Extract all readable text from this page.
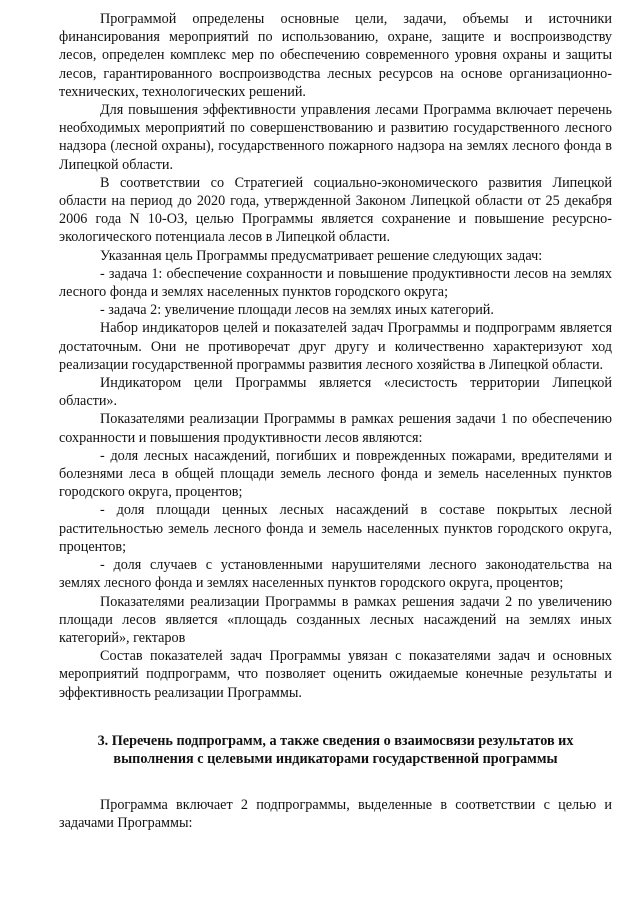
Программой определены основные цели, задачи, объемы и источники финансирования мероприятий по использованию, охране, защите и воспроизводству лесов, определен комплекс мер по обеспечению современного уровня охраны и защиты лесов, гарантированного воспроизводства лесных ресурсов на основе организационно-технических, технологических решений.

Для повышения эффективности управления лесами Программа включает перечень необходимых мероприятий по совершенствованию и развитию государственного лесного надзора (лесной охраны), государственного пожарного надзора на землях лесного фонда в Липецкой области.

В соответствии со Стратегией социально-экономического развития Липецкой области на период до 2020 года, утвержденной Законом Липецкой области от 25 декабря 2006 года N 10-ОЗ, целью Программы является сохранение и повышение ресурсно-экологического потенциала лесов в Липецкой области.

Указанная цель Программы предусматривает решение следующих задач:

- задача 1: обеспечение сохранности и повышение продуктивности лесов на землях лесного фонда и землях населенных пунктов городского округа;

- задача 2: увеличение площади лесов на землях иных категорий.

Набор индикаторов целей и показателей задач Программы и подпрограмм является достаточным. Они не противоречат друг другу и количественно характеризуют ход реализации государственной программы развития лесного хозяйства в Липецкой области.

Индикатором цели Программы является «лесистость территории Липецкой области».

Показателями реализации Программы в рамках решения задачи 1 по обеспечению сохранности и повышения продуктивности лесов являются:

- доля лесных насаждений, погибших и поврежденных пожарами, вредителями и болезнями леса в общей площади земель лесного фонда и земель населенных пунктов городского округа, процентов;

- доля площади ценных лесных насаждений в составе покрытых лесной растительностью земель лесного фонда и земель населенных пунктов городского округа, процентов;

- доля случаев с установленными нарушителями лесного законодательства на землях лесного фонда и землях населенных пунктов городского округа, процентов;

Показателями реализации Программы в рамках решения задачи 2 по увеличению площади лесов является «площадь созданных лесных насаждений на землях иных категорий», гектаров

Состав показателей задач Программы увязан с показателями задач и основных мероприятий подпрограмм, что позволяет оценить ожидаемые конечные результаты и эффективность реализации Программы.

3. Перечень подпрограмм, а также сведения о взаимосвязи результатов их выполнения с целевыми индикаторами государственной программы

Программа включает 2 подпрограммы, выделенные в соответствии с целью и задачами Программы:
